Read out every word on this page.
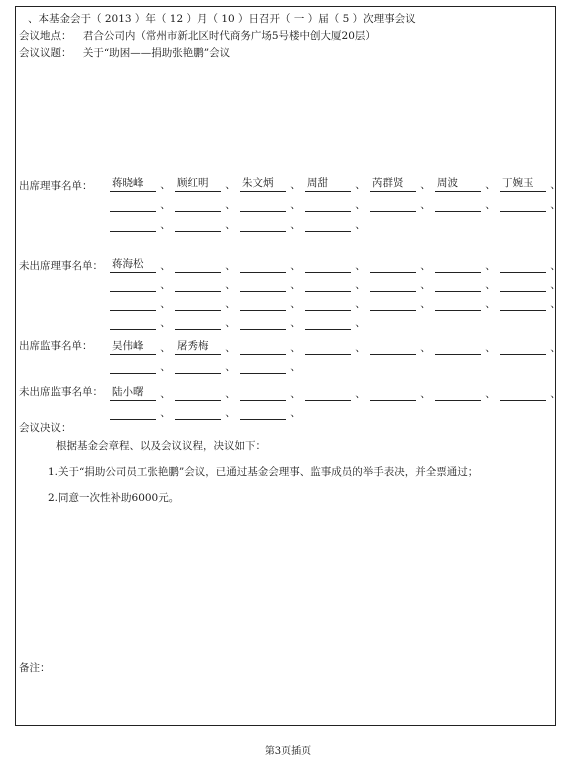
、本基金会于（ 2013 ）年（ 12 ）月（ 10 ）日召开（ 一 ）届（ 5 ）次理事会议
会议地点： 君合公司内（常州市新北区时代商务广场5号楼中创大厦20层）
会议议题： 关于“助困——捐助张艳鹏”会议
出席理事名单： 蒋晓峰	、 顾红明	、 朱文炳	、 周甜	、 芮群贤	、 周波	、 丁婉玉	、
、	、	、	、	、	、	、
、	、	、	、
未出席理事名单： 蒋海松	、	、	、	、	、	、	、
、	、	、	、	、	、	、
、	、	、	、	、	、	、
、	、	、	、
出席监事名单： 吴伟峰	、 屠秀梅	、	、	、	、	、	、
、	、	、
未出席监事名单： 陆小曙	、	、	、	、	、	、	、
、	、	、
会议决议：
根据基金会章程、以及会议议程，决议如下：
1.关于“捐助公司员工张艳鹏”会议，已通过基金会理事、监事成员的举手表决，并全票通过；
2.同意一次性补助6000元。
备注：
第3页插页
